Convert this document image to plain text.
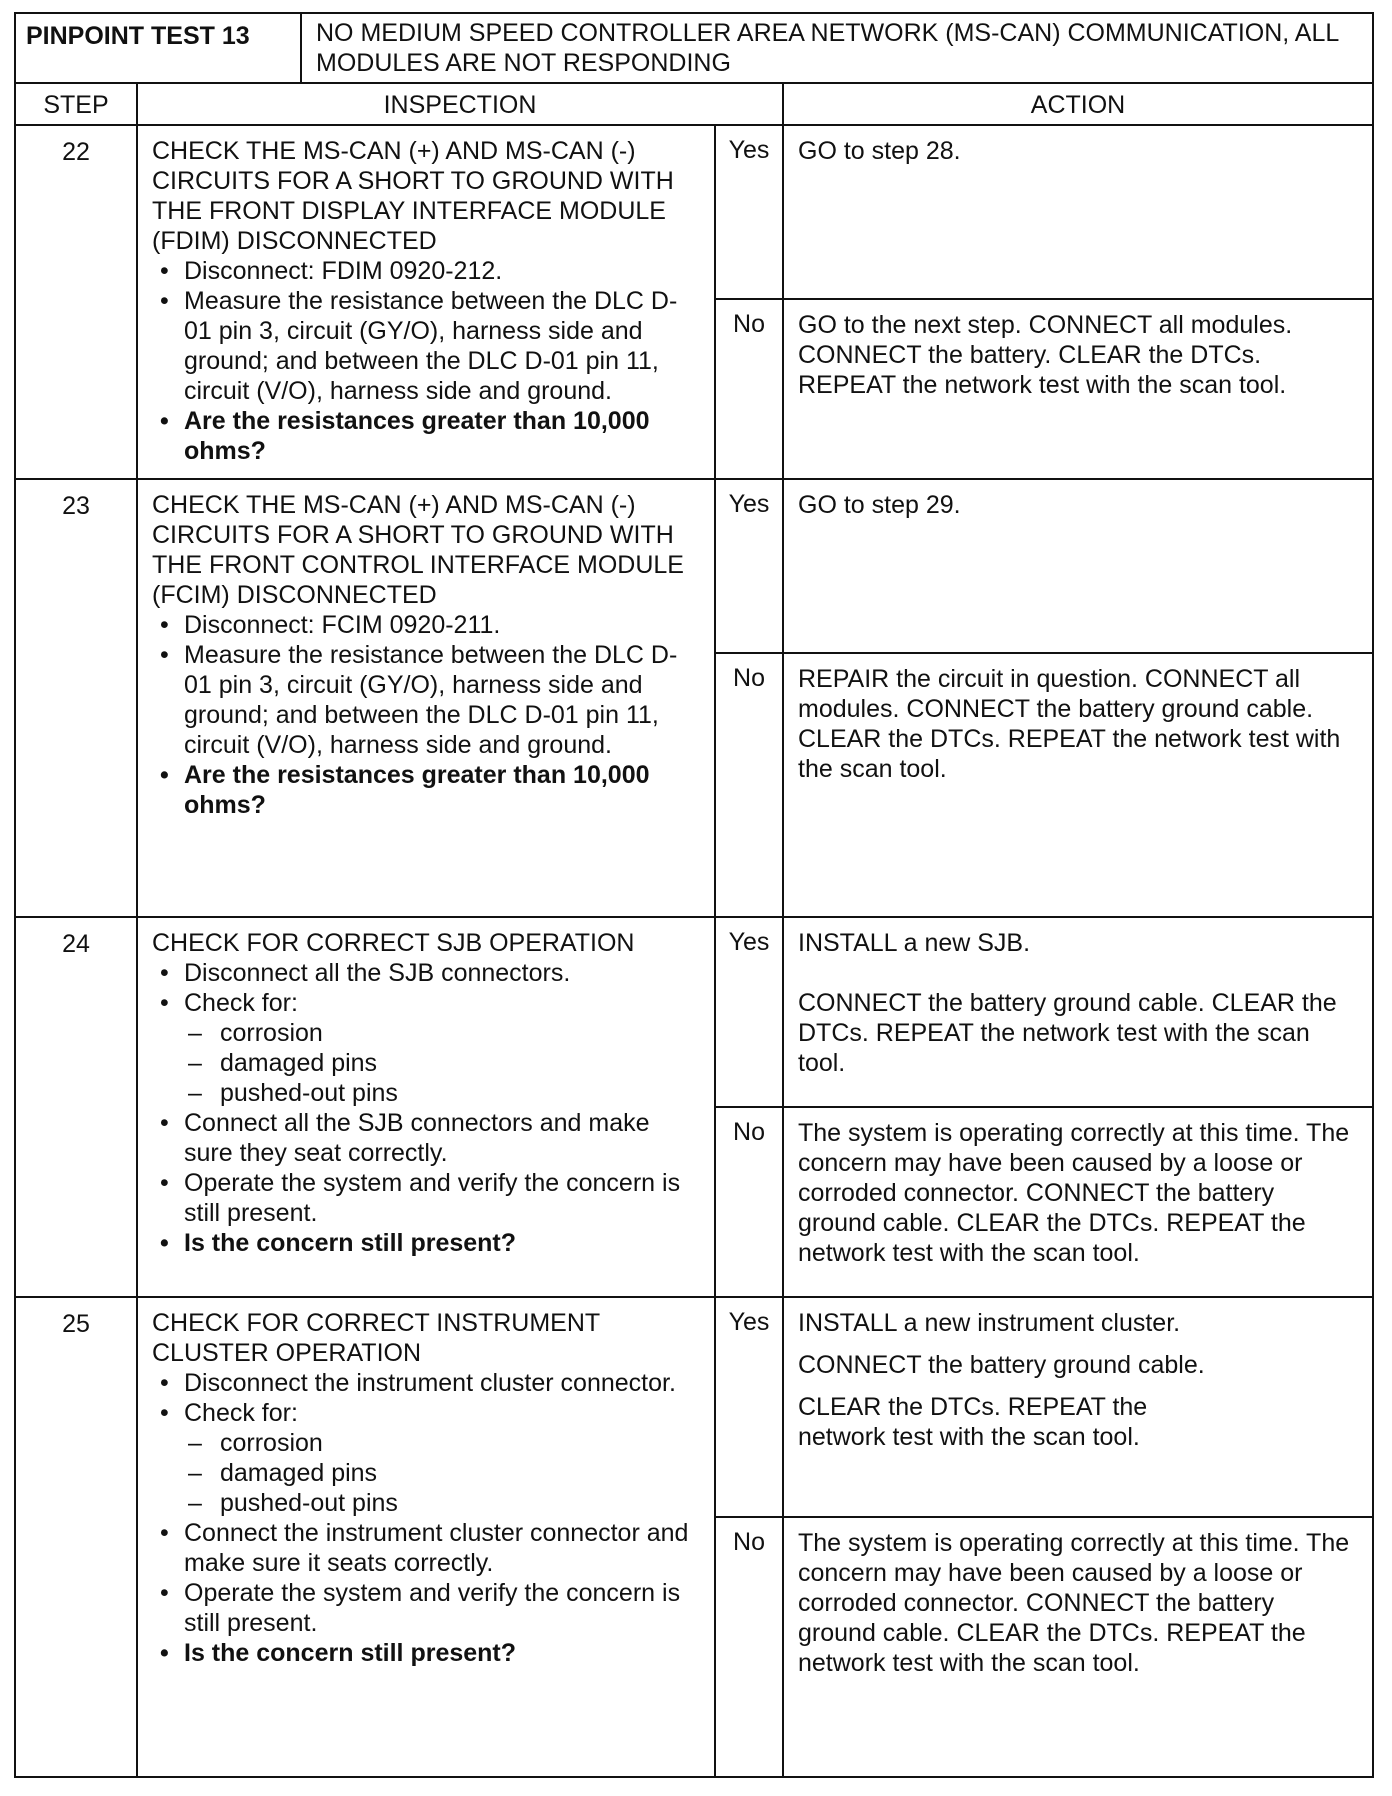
PINPOINT TEST 13	NO MEDIUM SPEED CONTROLLER AREA NETWORK (MS-CAN) COMMUNICATION, ALL MODULES ARE NOT RESPONDING
STEP	INSPECTION	ACTION
22	CHECK THE MS-CAN (+) AND MS-CAN (-) CIRCUITS FOR A SHORT TO GROUND WITH THE FRONT DISPLAY INTERFACE MODULE (FDIM) DISCONNECTED

• Disconnect: FDIM 0920-212.
• Measure the resistance between the DLC D-01 pin 3, circuit (GY/O), harness side and ground; and between the DLC D-01 pin 11, circuit (V/O), harness side and ground.
• Are the resistances greater than 10,000 ohms?
Yes	GO to step 28.

No	GO to the next step. CONNECT all modules. CONNECT the battery. CLEAR the DTCs. REPEAT the network test with the scan tool.

23	CHECK THE MS-CAN (+) AND MS-CAN (-) CIRCUITS FOR A SHORT TO GROUND WITH THE FRONT CONTROL INTERFACE MODULE (FCIM) DISCONNECTED

• Disconnect: FCIM 0920-211.
• Measure the resistance between the DLC D-01 pin 3, circuit (GY/O), harness side and ground; and between the DLC D-01 pin 11, circuit (V/O), harness side and ground.
• Are the resistances greater than 10,000 ohms?
Yes	GO to step 29.

No	REPAIR the circuit in question. CONNECT all modules. CONNECT the battery ground cable. CLEAR the DTCs. REPEAT the network test with the scan tool.

24	CHECK FOR CORRECT SJB OPERATION

• Disconnect all the SJB connectors.
• Check for:
– corrosion
– damaged pins
– pushed-out pins
• Connect all the SJB connectors and make sure they seat correctly.
• Operate the system and verify the concern is still present.
• Is the concern still present?
Yes	INSTALL a new SJB.

CONNECT the battery ground cable. CLEAR the DTCs. REPEAT the network test with the scan tool.

No	The system is operating correctly at this time. The concern may have been caused by a loose or corroded connector. CONNECT the battery ground cable. CLEAR the DTCs. REPEAT the network test with the scan tool.

25	CHECK FOR CORRECT INSTRUMENT CLUSTER OPERATION

• Disconnect the instrument cluster connector.
• Check for:
– corrosion
– damaged pins
– pushed-out pins
• Connect the instrument cluster connector and make sure it seats correctly.
• Operate the system and verify the concern is still present.
• Is the concern still present?
Yes	INSTALL a new instrument cluster.

CONNECT the battery ground cable.

CLEAR the DTCs. REPEAT the network test with the scan tool.

No	The system is operating correctly at this time. The concern may have been caused by a loose or corroded connector. CONNECT the battery ground cable. CLEAR the DTCs. REPEAT the network test with the scan tool.
